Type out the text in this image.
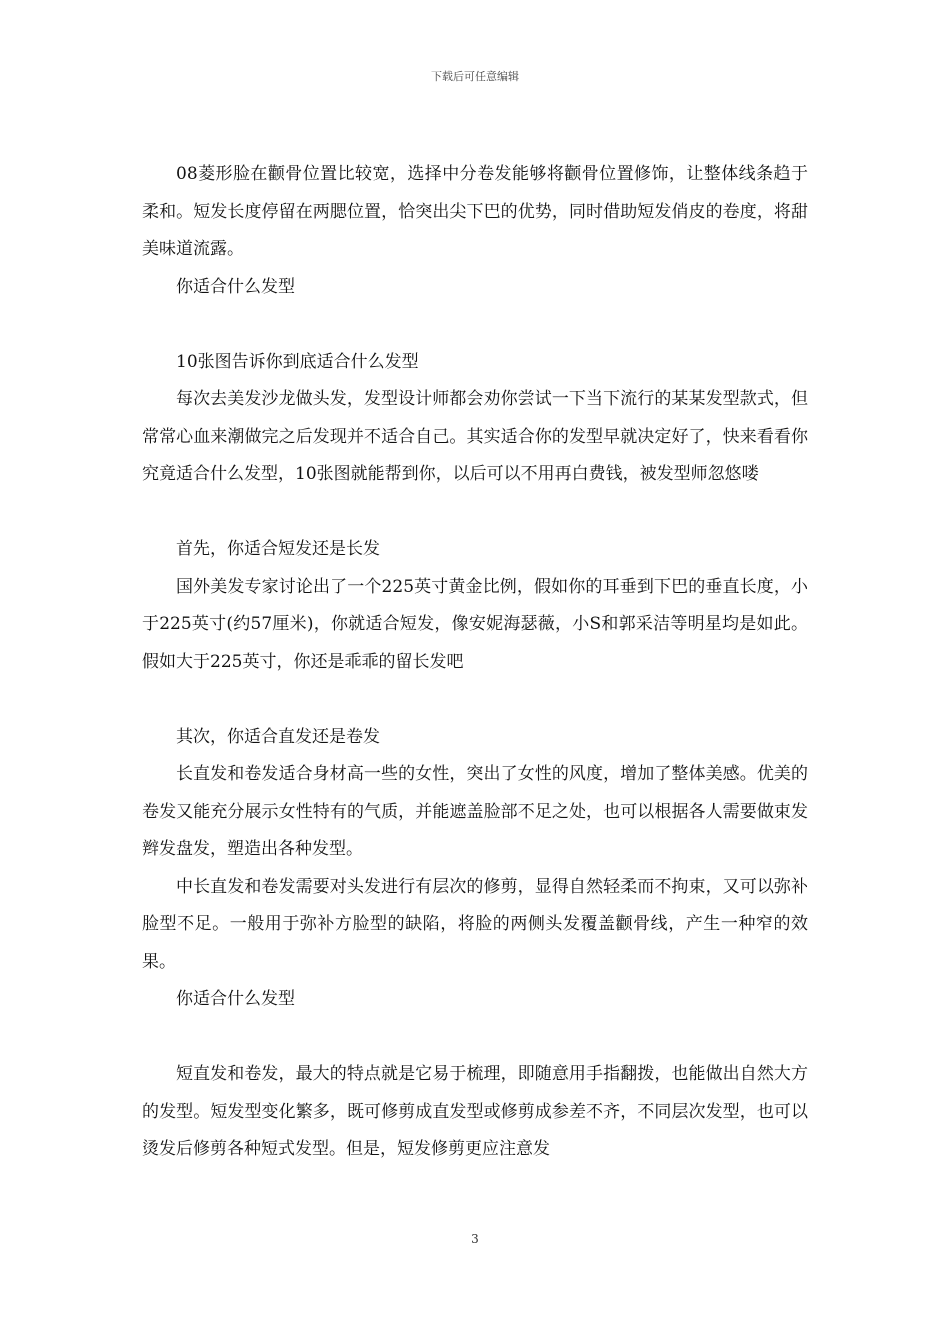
下载后可任意编辑

08菱形脸在颧骨位置比较宽，选择中分卷发能够将颧骨位置修饰，让整体线条趋于柔和。短发长度停留在两腮位置，恰突出尖下巴的优势，同时借助短发俏皮的卷度，将甜美味道流露。

你适合什么发型

10张图告诉你到底适合什么发型

每次去美发沙龙做头发，发型设计师都会劝你尝试一下当下流行的某某发型款式，但常常心血来潮做完之后发现并不适合自己。其实适合你的发型早就决定好了，快来看看你究竟适合什么发型，10张图就能帮到你，以后可以不用再白费钱，被发型师忽悠喽

首先，你适合短发还是长发

国外美发专家讨论出了一个225英寸黄金比例，假如你的耳垂到下巴的垂直长度，小于225英寸(约57厘米)，你就适合短发，像安妮海瑟薇，小S和郭采洁等明星均是如此。假如大于225英寸，你还是乖乖的留长发吧

其次，你适合直发还是卷发

长直发和卷发适合身材高一些的女性，突出了女性的风度，增加了整体美感。优美的卷发又能充分展示女性特有的气质，并能遮盖脸部不足之处，也可以根据各人需要做束发辫发盘发，塑造出各种发型。

中长直发和卷发需要对头发进行有层次的修剪，显得自然轻柔而不拘束，又可以弥补脸型不足。一般用于弥补方脸型的缺陷，将脸的两侧头发覆盖颧骨线，产生一种窄的效果。

你适合什么发型

短直发和卷发，最大的特点就是它易于梳理，即随意用手指翻拨，也能做出自然大方的发型。短发型变化繁多，既可修剪成直发型或修剪成参差不齐，不同层次发型，也可以烫发后修剪各种短式发型。但是，短发修剪更应注意发

3
